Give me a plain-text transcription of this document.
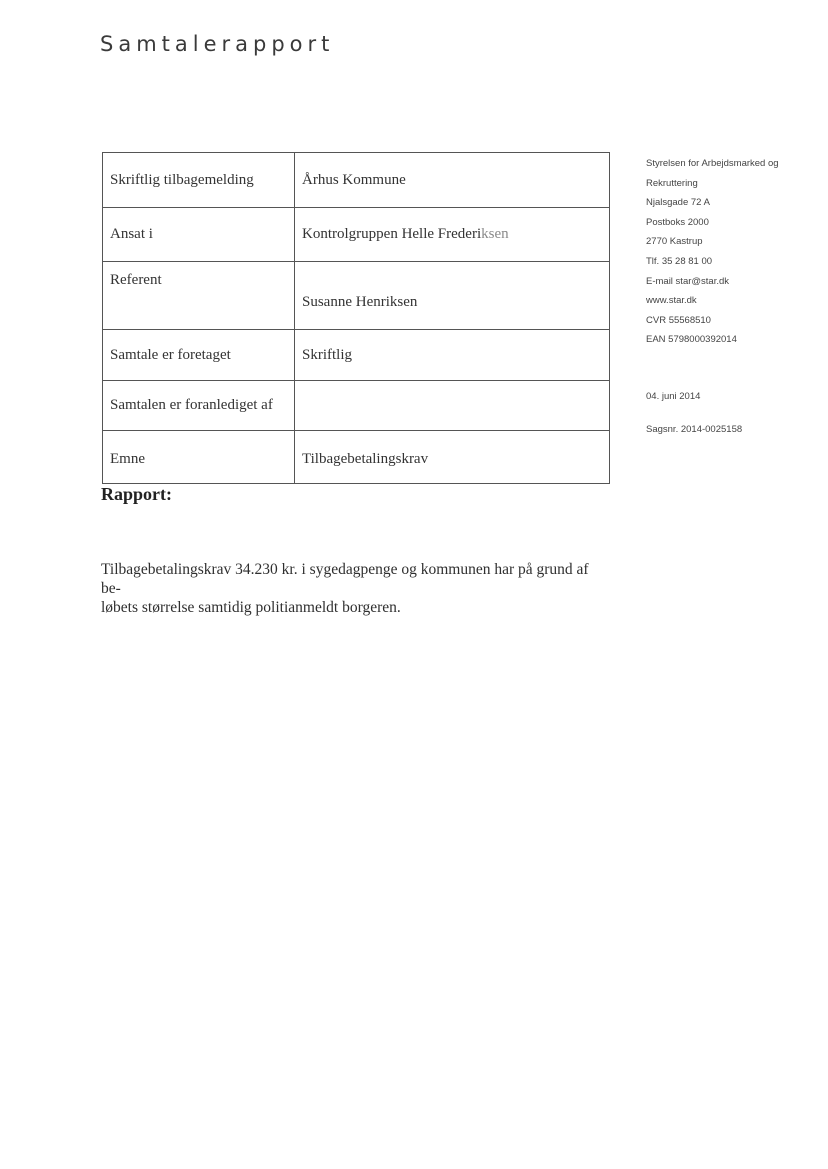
Samtalerapport
Skriftlig tilbagemelding	Århus Kommune
Ansat i	Kontrolgruppen Helle Frederiksen
Referent	Susanne Henriksen
Samtale er foretaget	Skriftlig
Samtalen er foranlediget af	
Emne	Tilbagebetalingskrav
Styrelsen for Arbejdsmarked og
Rekruttering
Njalsgade 72 A
Postboks 2000
2770 Kastrup
Tlf. 35 28 81 00
E-mail star@star.dk
www.star.dk
CVR 55568510
EAN 5798000392014
04. juni 2014
Sagsnr. 2014-0025158
Rapport:
Tilbagebetalingskrav 34.230 kr. i sygedagpenge og kommunen har på grund af be-
løbets størrelse samtidig politianmeldt borgeren.
